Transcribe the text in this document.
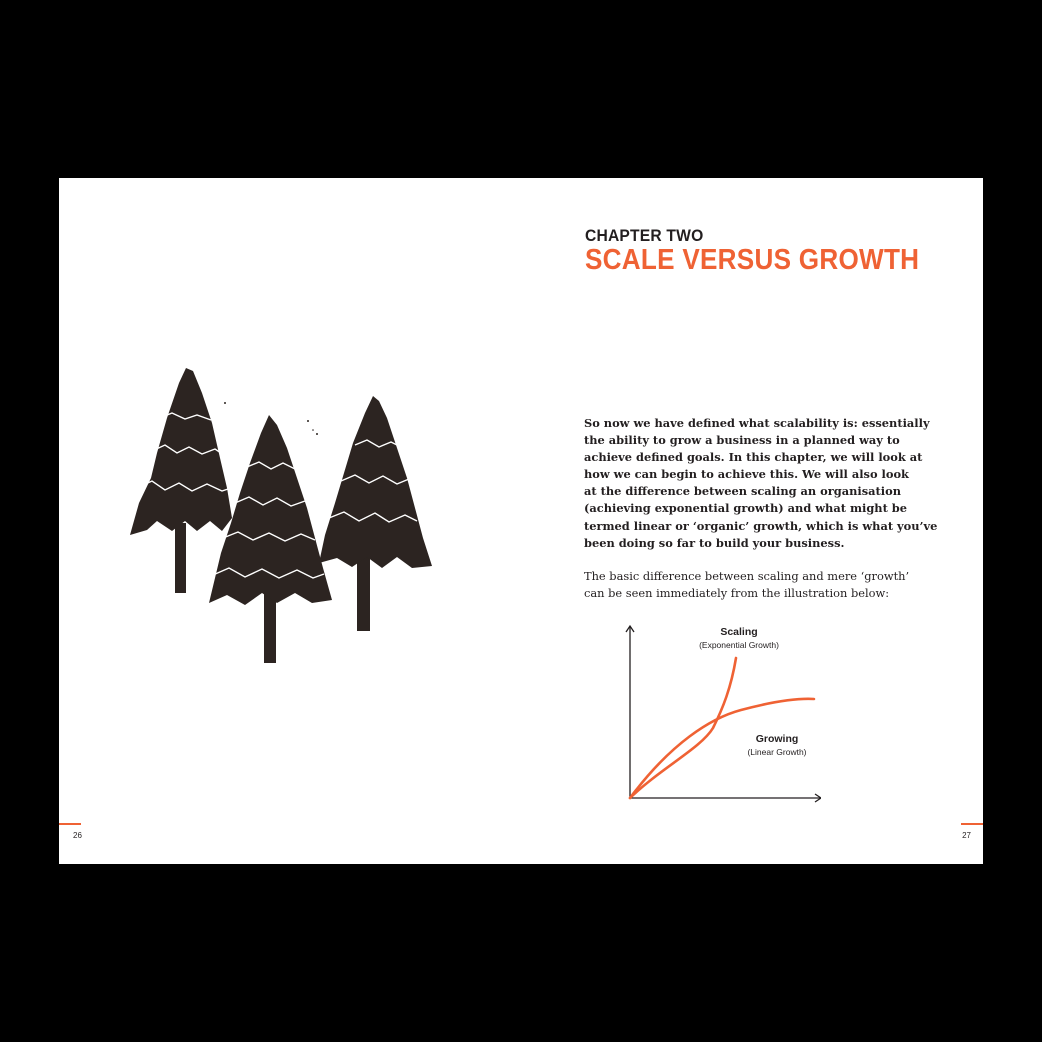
26
CHAPTER TWO
SCALE VERSUS GROWTH
So now we have defined what scalability is: essentially
the ability to grow a business in a planned way to
achieve defined goals. In this chapter, we will look at
how we can begin to achieve this. We will also look
at the difference between scaling an organisation
(achieving exponential growth) and what might be
termed linear or ‘organic’ growth, which is what you’ve
been doing so far to build your business.
The basic difference between scaling and mere ‘growth’
can be seen immediately from the illustration below:
Scaling
(Exponential Growth)
Growing
(Linear Growth)
27
